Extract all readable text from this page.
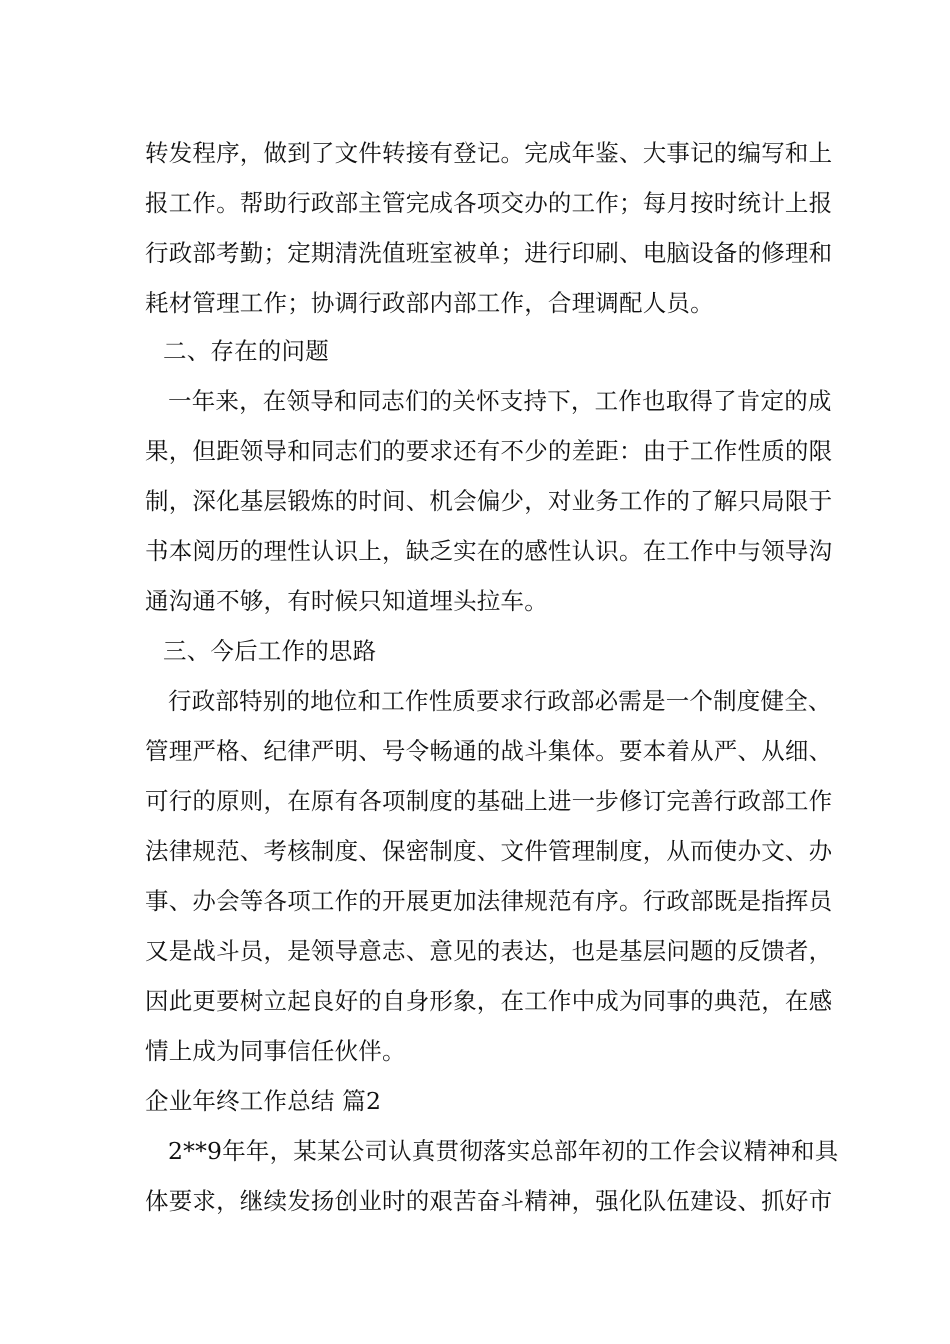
转发程序，做到了文件转接有登记。完成年鉴、大事记的编写和上
报工作。帮助行政部主管完成各项交办的工作；每月按时统计上报
行政部考勤；定期清洗值班室被单；进行印刷、电脑设备的修理和
耗材管理工作；协调行政部内部工作，合理调配人员。
二、存在的问题
一年来，在领导和同志们的关怀支持下，工作也取得了肯定的成
果，但距领导和同志们的要求还有不少的差距：由于工作性质的限
制，深化基层锻炼的时间、机会偏少，对业务工作的了解只局限于
书本阅历的理性认识上，缺乏实在的感性认识。在工作中与领导沟
通沟通不够，有时候只知道埋头拉车。
三、今后工作的思路
行政部特别的地位和工作性质要求行政部必需是一个制度健全、
管理严格、纪律严明、号令畅通的战斗集体。要本着从严、从细、
可行的原则，在原有各项制度的基础上进一步修订完善行政部工作
法律规范、考核制度、保密制度、文件管理制度，从而使办文、办
事、办会等各项工作的开展更加法律规范有序。行政部既是指挥员
又是战斗员，是领导意志、意见的表达，也是基层问题的反馈者，
因此更要树立起良好的自身形象，在工作中成为同事的典范，在感
情上成为同事信任伙伴。
企业年终工作总结 篇2
2**9年年，某某公司认真贯彻落实总部年初的工作会议精神和具
体要求，继续发扬创业时的艰苦奋斗精神，强化队伍建设、抓好市
